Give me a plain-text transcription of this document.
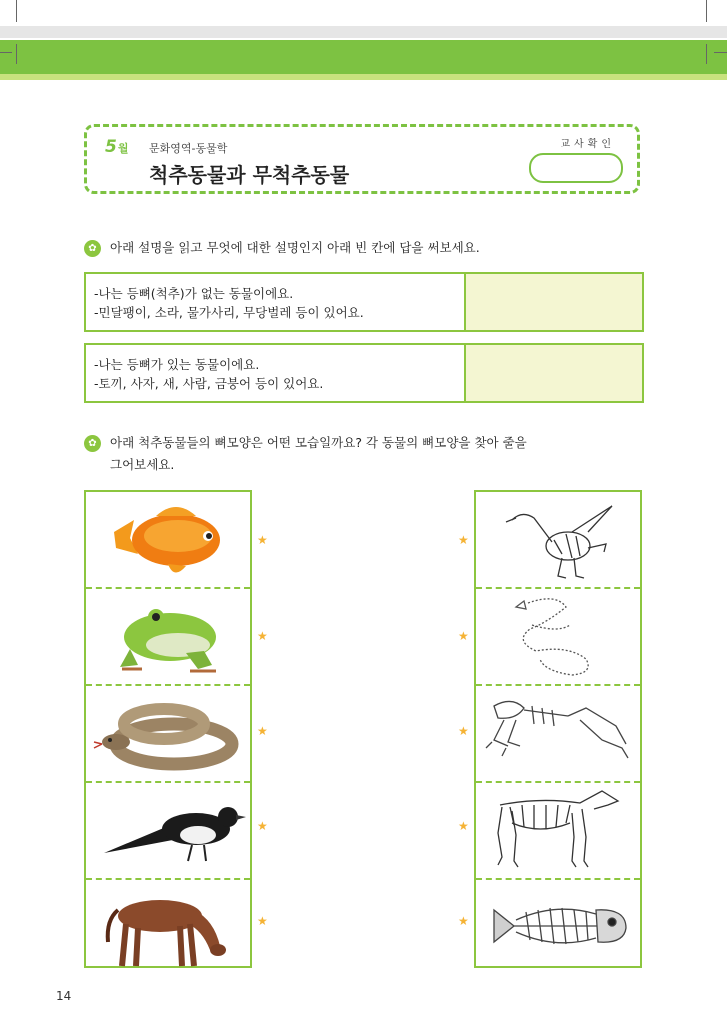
5 월 문화영역-동물학
척추동물과 무척추동물
교사확인
✿	아래 설명을 읽고 무엇에 대한 설명인지 아래 빈 칸에 답을 써보세요.
-나는 등뼈(척추)가 없는 동물이에요.
-민달팽이, 소라, 물가사리, 무당벌레 등이 있어요.
-나는 등뼈가 있는 동물이에요.
-토끼, 사자, 새, 사람, 금붕어 등이 있어요.
✿	아래 척추동물들의 뼈모양은 어떤 모습일까요? 각 동물의 뼈모양을 찾아 줄을
그어보세요.
★
★
★
★
★
★
★
★
★
★
14
